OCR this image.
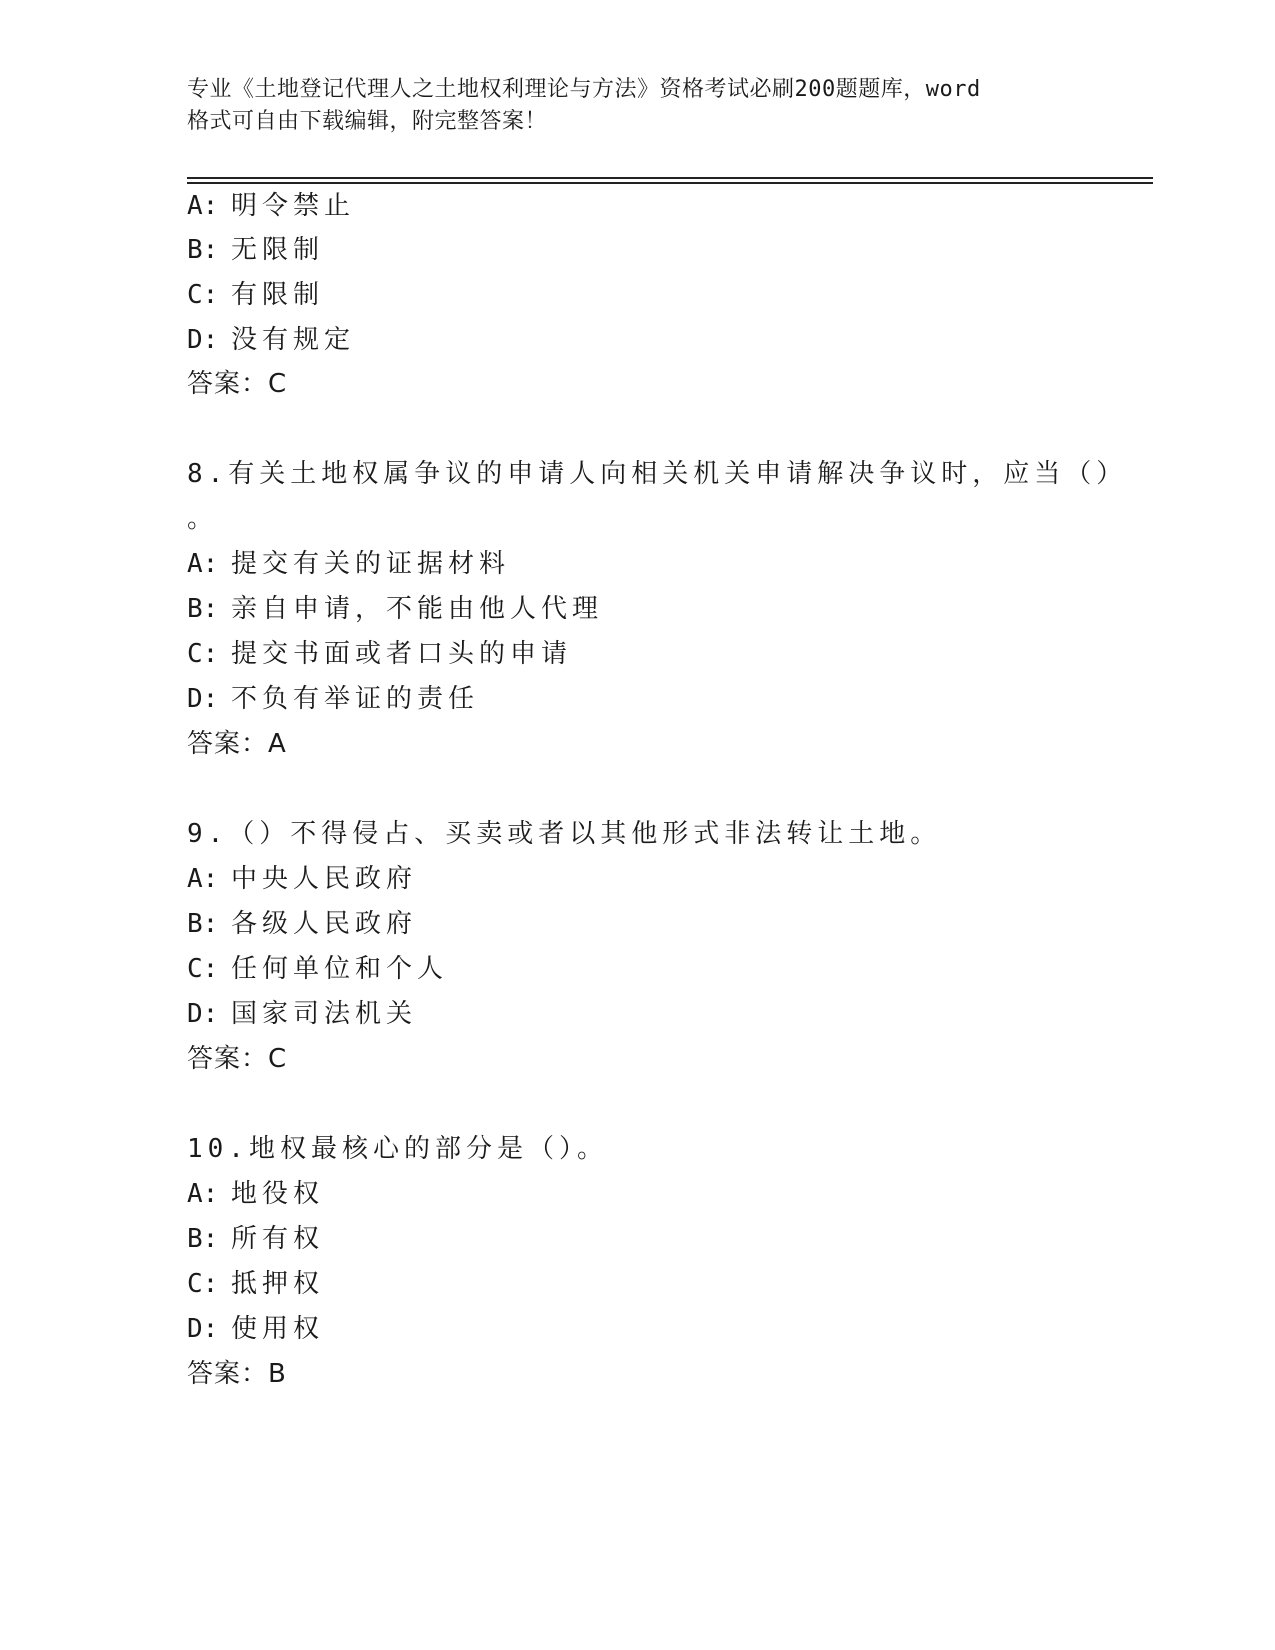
专业《土地登记代理人之土地权利理论与方法》资格考试必刷200题题库，word
格式可自由下载编辑，附完整答案！
A: 明令禁止
B: 无限制
C: 有限制
D: 没有规定
答案：C
8.有关土地权属争议的申请人向相关机关申请解决争议时，应当（）
。
A: 提交有关的证据材料
B: 亲自申请，不能由他人代理
C: 提交书面或者口头的申请
D: 不负有举证的责任
答案：A
9.（）不得侵占、买卖或者以其他形式非法转让土地。
A: 中央人民政府
B: 各级人民政府
C: 任何单位和个人
D: 国家司法机关
答案：C
10.地权最核心的部分是（）。
A: 地役权
B: 所有权
C: 抵押权
D: 使用权
答案：B
